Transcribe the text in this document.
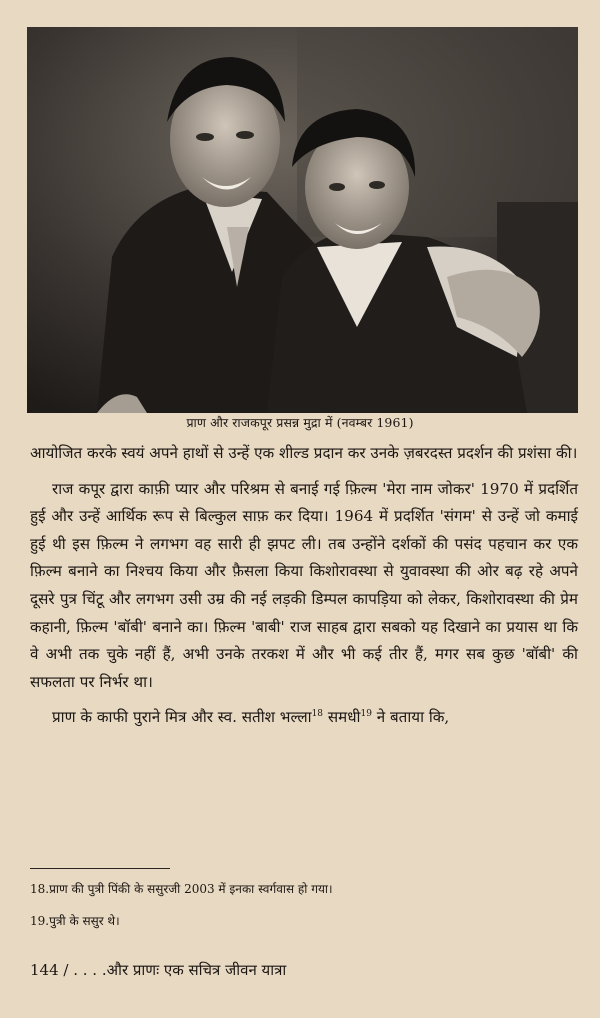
प्राण और राजकपूर प्रसन्न मुद्रा में (नवम्बर 1961)

आयोजित करके स्वयं अपने हाथों से उन्हें एक शील्ड प्रदान कर उनके ज़बरदस्त प्रदर्शन की प्रशंसा की।

राज कपूर द्वारा काफ़ी प्यार और परिश्रम से बनाई गई फ़िल्म 'मेरा नाम जोकर' 1970 में प्रदर्शित हुई और उन्हें आर्थिक रूप से बिल्कुल साफ़ कर दिया। 1964 में प्रदर्शित 'संगम' से उन्हें जो कमाई हुई थी इस फ़िल्म ने लगभग वह सारी ही झपट ली। तब उन्होंने दर्शकों की पसंद पहचान कर एक फ़िल्म बनाने का निश्चय किया और फ़ैसला किया किशोरावस्था से युवावस्था की ओर बढ़ रहे अपने दूसरे पुत्र चिंटू और लगभग उसी उम्र की नई लड़की डिम्पल कापड़िया को लेकर, किशोरावस्था की प्रेम कहानी, फ़िल्म 'बॉबी' बनाने का। फ़िल्म 'बाबी' राज साहब द्वारा सबको यह दिखाने का प्रयास था कि वे अभी तक चुके नहीं हैं, अभी उनके तरकश में और भी कई तीर हैं, मगर सब कुछ 'बॉबी' की सफलता पर निर्भर था।

प्राण के काफी पुराने मित्र और स्व. सतीश भल्ला$^{18}$ समधी$^{19}$ ने बताया कि,

18.प्राण की पुत्री पिंकी के ससुरजी 2003 में इनका स्वर्गवास हो गया।
19.पुत्री के ससुर थे।
144 / . . . .और प्राणः एक सचित्र जीवन यात्रा
